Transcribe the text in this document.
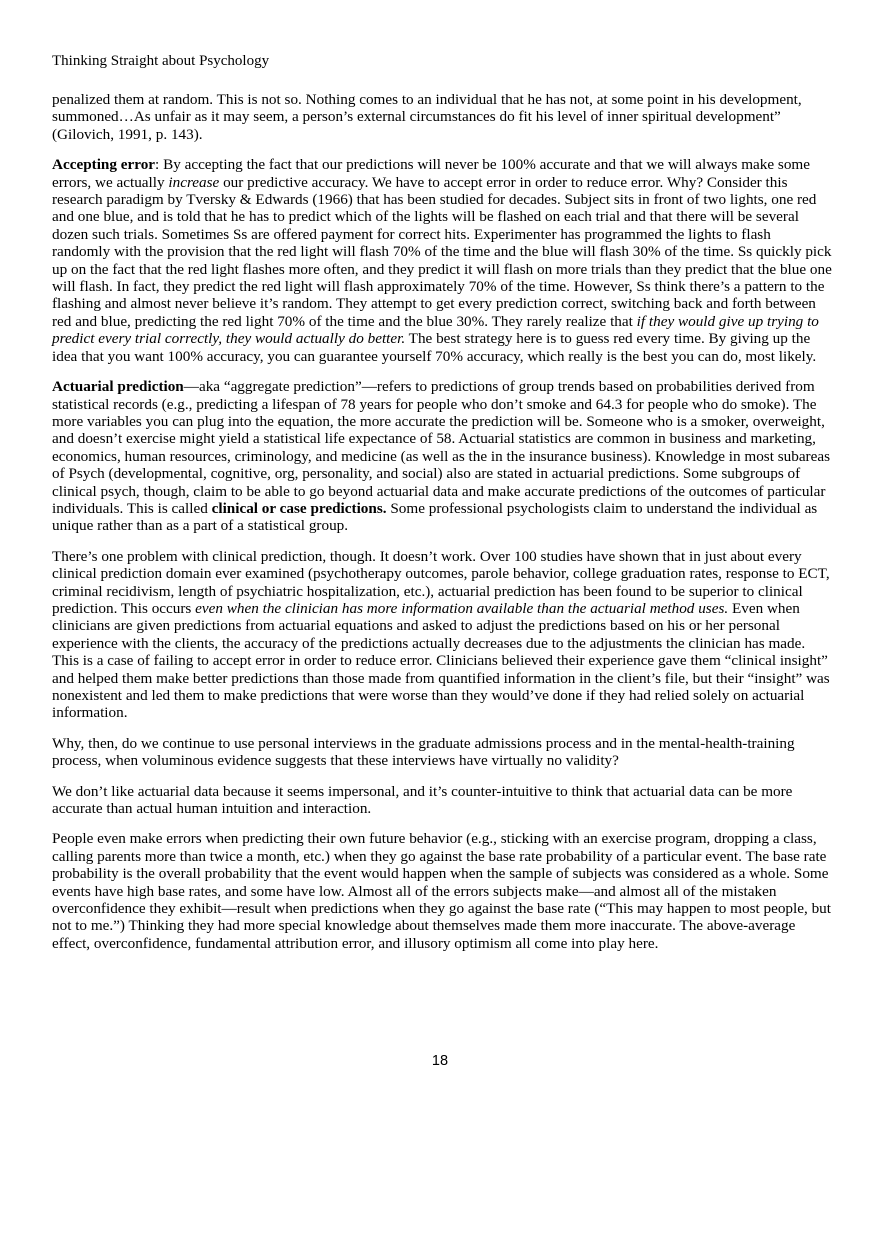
Thinking Straight about Psychology

penalized them at random. This is not so. Nothing comes to an individual that he has not, at some point in his development, summoned…As unfair as it may seem, a person’s external circumstances do fit his level of inner spiritual development” (Gilovich, 1991, p. 143).

Accepting error: By accepting the fact that our predictions will never be 100% accurate and that we will always make some errors, we actually increase our predictive accuracy. We have to accept error in order to reduce error. Why? Consider this research paradigm by Tversky & Edwards (1966) that has been studied for decades. Subject sits in front of two lights, one red and one blue, and is told that he has to predict which of the lights will be flashed on each trial and that there will be several dozen such trials. Sometimes Ss are offered payment for correct hits. Experimenter has programmed the lights to flash randomly with the provision that the red light will flash 70% of the time and the blue will flash 30% of the time. Ss quickly pick up on the fact that the red light flashes more often, and they predict it will flash on more trials than they predict that the blue one will flash. In fact, they predict the red light will flash approximately 70% of the time. However, Ss think there’s a pattern to the flashing and almost never believe it’s random. They attempt to get every prediction correct, switching back and forth between red and blue, predicting the red light 70% of the time and the blue 30%. They rarely realize that if they would give up trying to predict every trial correctly, they would actually do better. The best strategy here is to guess red every time. By giving up the idea that you want 100% accuracy, you can guarantee yourself 70% accuracy, which really is the best you can do, most likely.

Actuarial prediction—aka “aggregate prediction”—refers to predictions of group trends based on probabilities derived from statistical records (e.g., predicting a lifespan of 78 years for people who don’t smoke and 64.3 for people who do smoke). The more variables you can plug into the equation, the more accurate the prediction will be. Someone who is a smoker, overweight, and doesn’t exercise might yield a statistical life expectance of 58. Actuarial statistics are common in business and marketing, economics, human resources, criminology, and medicine (as well as the in the insurance business). Knowledge in most subareas of Psych (developmental, cognitive, org, personality, and social) also are stated in actuarial predictions. Some subgroups of clinical psych, though, claim to be able to go beyond actuarial data and make accurate predictions of the outcomes of particular individuals. This is called clinical or case predictions. Some professional psychologists claim to understand the individual as unique rather than as a part of a statistical group.

There’s one problem with clinical prediction, though. It doesn’t work. Over 100 studies have shown that in just about every clinical prediction domain ever examined (psychotherapy outcomes, parole behavior, college graduation rates, response to ECT, criminal recidivism, length of psychiatric hospitalization, etc.), actuarial prediction has been found to be superior to clinical prediction. This occurs even when the clinician has more information available than the actuarial method uses. Even when clinicians are given predictions from actuarial equations and asked to adjust the predictions based on his or her personal experience with the clients, the accuracy of the predictions actually decreases due to the adjustments the clinician has made. This is a case of failing to accept error in order to reduce error. Clinicians believed their experience gave them “clinical insight” and helped them make better predictions than those made from quantified information in the client’s file, but their “insight” was nonexistent and led them to make predictions that were worse than they would’ve done if they had relied solely on actuarial information.

Why, then, do we continue to use personal interviews in the graduate admissions process and in the mental-health-training process, when voluminous evidence suggests that these interviews have virtually no validity?

We don’t like actuarial data because it seems impersonal, and it’s counter-intuitive to think that actuarial data can be more accurate than actual human intuition and interaction.

People even make errors when predicting their own future behavior (e.g., sticking with an exercise program, dropping a class, calling parents more than twice a month, etc.) when they go against the base rate probability of a particular event. The base rate probability is the overall probability that the event would happen when the sample of subjects was considered as a whole. Some events have high base rates, and some have low. Almost all of the errors subjects make—and almost all of the mistaken overconfidence they exhibit—result when predictions when they go against the base rate (“This may happen to most people, but not to me.”) Thinking they had more special knowledge about themselves made them more inaccurate. The above-average effect, overconfidence, fundamental attribution error, and illusory optimism all come into play here.

18
